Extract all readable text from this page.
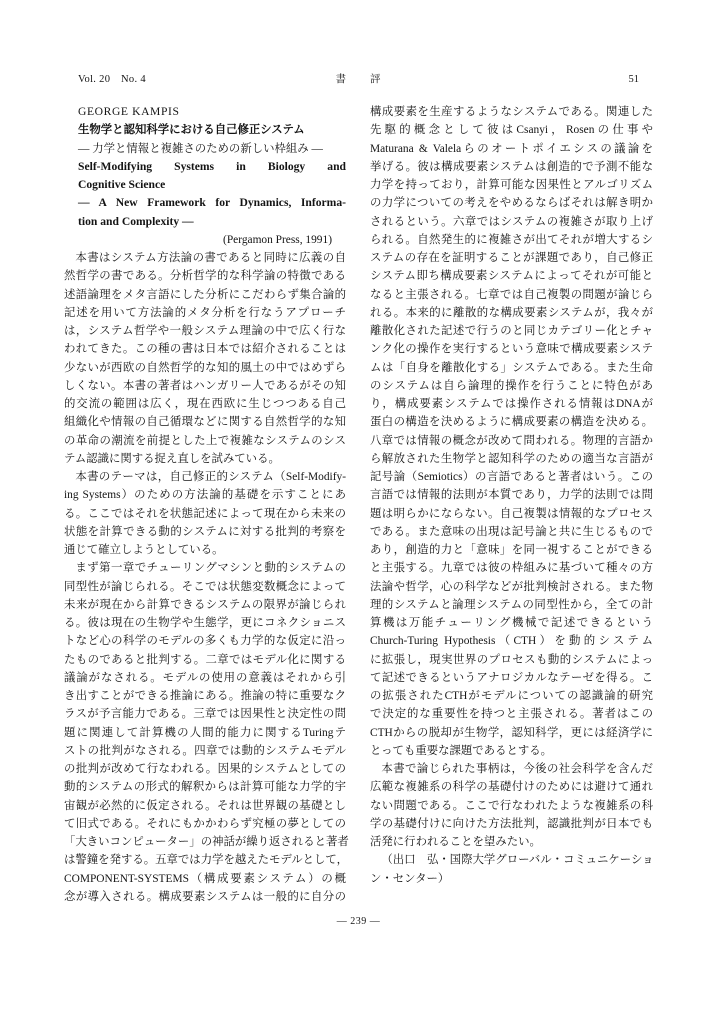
Vol. 20　No. 4	書　　評	51
GEORGE KAMPIS
生物学と認知科学における自己修正システム
— 力学と情報と複雑さのための新しい枠組み —
Self-Modifying Systems in Biology and
Cognitive Science
— A New Framework for Dynamics, Informa-
tion and Complexity —
(Pergamon Press, 1991)
本書はシステム方法論の書であると同時に広義の自
然哲学の書である。分析哲学的な科学論の特徴である
述語論理をメタ言語にした分析にこだわらず集合論的
記述を用いて方法論的メタ分析を行なうアプローチ
は，システム哲学や一般システム理論の中で広く行な
われてきた。この種の書は日本では紹介されることは
少ないが西欧の自然哲学的な知的風土の中ではめずら
しくない。本書の著者はハンガリー人であるがその知
的交流の範囲は広く，現在西欧に生じつつある自己
組織化や情報の自己循環などに関する自然哲学的な知
の革命の潮流を前提とした上で複雑なシステムのシス
テム認識に関する捉え直しを試みている。
本書のテーマは，自己修正的システム（Self-Modify-
ing Systems）のための方法論的基礎を示すことにあ
る。ここではそれを状態記述によって現在から未来の
状態を計算できる動的システムに対する批判的考察を
通じて確立しようとしている。
まず第一章でチューリングマシンと動的システムの
同型性が論じられる。そこでは状態変数概念によって
未来が現在から計算できるシステムの限界が論じられ
る。彼は現在の生物学や生態学，更にコネクショニス
トなど心の科学のモデルの多くも力学的な仮定に沿っ
たものであると批判する。二章ではモデル化に関する
議論がなされる。モデルの使用の意義はそれから引
き出すことができる推論にある。推論の特に重要なク
ラスが予言能力である。三章では因果性と決定性の問
題に関連して計算機の人間的能力に関するTuringテ
ストの批判がなされる。四章では動的システムモデル
の批判が改めて行なわれる。因果的システムとしての
動的システムの形式的解釈からは計算可能な力学的宇
宙観が必然的に仮定される。それは世界観の基礎とし
て旧式である。それにもかかわらず究極の夢としての
「大きいコンピューター」の神話が繰り返されると著者
は警鐘を発する。五章では力学を越えたモデルとして，
COMPONENT-SYSTEMS（構成要素システム）の概
念が導入される。構成要素システムは一般的に自分の
構成要素を生産するようなシステムである。関連した
先駆的概念として彼はCsanyi，Rosenの仕事や
Maturana & Valelaらのオートポイエシスの議論を
挙げる。彼は構成要素システムは創造的で予測不能な
力学を持っており，計算可能な因果性とアルゴリズム
の力学についての考えをやめるならばそれは解き明か
されるという。六章ではシステムの複雑さが取り上げ
られる。自然発生的に複雑さが出てそれが増大するシ
ステムの存在を証明することが課題であり，自己修正
システム即ち構成要素システムによってそれが可能と
なると主張される。七章では自己複製の問題が論じら
れる。本来的に離散的な構成要素システムが，我々が
離散化された記述で行うのと同じカテゴリー化とチャ
ンク化の操作を実行するという意味で構成要素システ
ムは「自身を離散化する」システムである。また生命
のシステムは自ら論理的操作を行うことに特色があ
り，構成要素システムでは操作される情報はDNAが
蛋白の構造を決めるように構成要素の構造を決める。
八章では情報の概念が改めて問われる。物理的言語か
ら解放された生物学と認知科学のための適当な言語が
記号論（Semiotics）の言語であると著者はいう。この
言語では情報的法則が本質であり，力学的法則では問
題は明らかにならない。自己複製は情報的なプロセス
である。また意味の出現は記号論と共に生じるもので
あり，創造的力と「意味」を同一視することができる
と主張する。九章では彼の枠組みに基づいて種々の方
法論や哲学，心の科学などが批判検討される。また物
理的システムと論理システムの同型性から，全ての計
算機は万能チューリング機械で記述できるという
Church-Turing Hypothesis（CTH）を動的システム
に拡張し，現実世界のプロセスも動的システムによっ
て記述できるというアナロジカルなテーゼを得る。こ
の拡張されたCTHがモデルについての認識論的研究
で決定的な重要性を持つと主張される。著者はこの
CTHからの脱却が生物学，認知科学，更には経済学に
とっても重要な課題であるとする。
本書で論じられた事柄は，今後の社会科学を含んだ
広範な複雑系の科学の基礎付けのためには避けて通れ
ない問題である。ここで行なわれたような複雑系の科
学の基礎付けに向けた方法批判，認識批判が日本でも
活発に行われることを望みたい。
（出口　弘・国際大学グローバル・コミュニケーショ
ン・センター）
— 239 —
